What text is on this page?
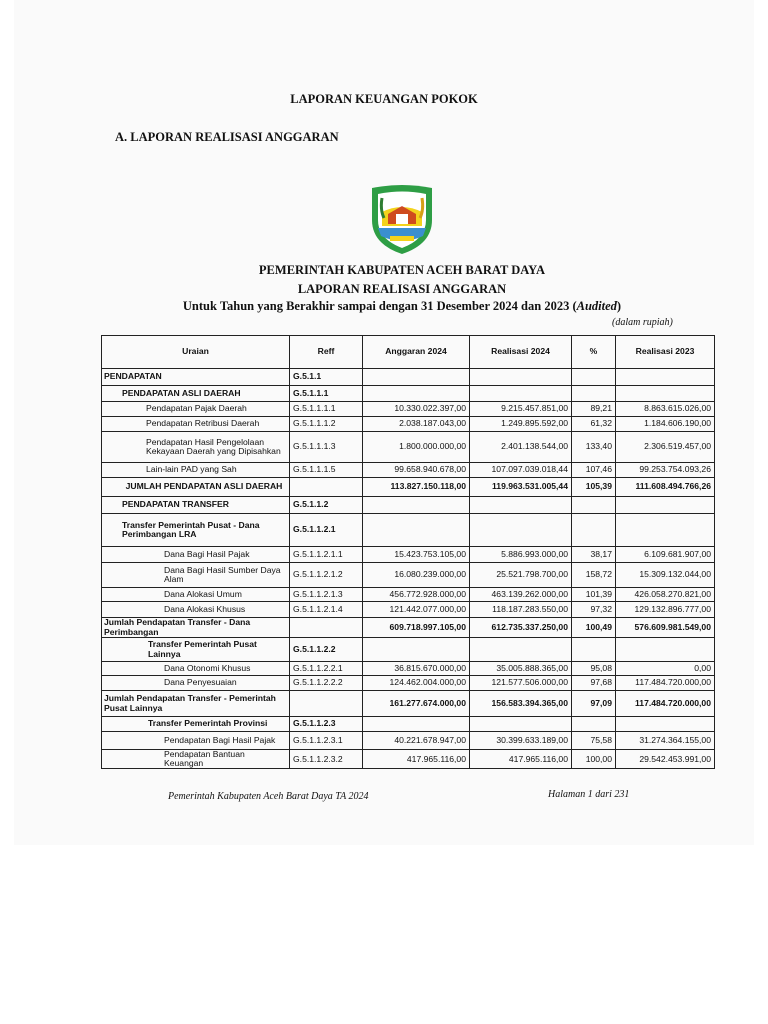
LAPORAN KEUANGAN POKOK
A. LAPORAN REALISASI ANGGARAN
PEMERINTAH KABUPATEN ACEH BARAT DAYA
LAPORAN REALISASI ANGGARAN
Untuk Tahun yang Berakhir sampai dengan 31 Desember 2024 dan 2023 (Audited)
(dalam rupiah)
Uraian	Reff	Anggaran 2024	Realisasi 2024	%	Realisasi 2023
PENDAPATAN	G.5.1.1				
PENDAPATAN ASLI DAERAH	G.5.1.1.1				
Pendapatan Pajak Daerah	G.5.1.1.1.1	10.330.022.397,00	9.215.457.851,00	89,21	8.863.615.026,00
Pendapatan Retribusi Daerah	G.5.1.1.1.2	2.038.187.043,00	1.249.895.592,00	61,32	1.184.606.190,00
Pendapatan Hasil Pengelolaan Kekayaan Daerah yang Dipisahkan	G.5.1.1.1.3	1.800.000.000,00	2.401.138.544,00	133,40	2.306.519.457,00
Lain-lain PAD yang Sah	G.5.1.1.1.5	99.658.940.678,00	107.097.039.018,44	107,46	99.253.754.093,26
JUMLAH PENDAPATAN ASLI DAERAH		113.827.150.118,00	119.963.531.005,44	105,39	111.608.494.766,26
PENDAPATAN TRANSFER	G.5.1.1.2				
Transfer Pemerintah Pusat - Dana Perimbangan LRA	G.5.1.1.2.1				
Dana Bagi Hasil Pajak	G.5.1.1.2.1.1	15.423.753.105,00	5.886.993.000,00	38,17	6.109.681.907,00
Dana Bagi Hasil Sumber Daya Alam	G.5.1.1.2.1.2	16.080.239.000,00	25.521.798.700,00	158,72	15.309.132.044,00
Dana Alokasi Umum	G.5.1.1.2.1.3	456.772.928.000,00	463.139.262.000,00	101,39	426.058.270.821,00
Dana Alokasi Khusus	G.5.1.1.2.1.4	121.442.077.000,00	118.187.283.550,00	97,32	129.132.896.777,00
Jumlah Pendapatan Transfer - Dana Perimbangan		609.718.997.105,00	612.735.337.250,00	100,49	576.609.981.549,00
Transfer Pemerintah Pusat Lainnya	G.5.1.1.2.2				
Dana Otonomi Khusus	G.5.1.1.2.2.1	36.815.670.000,00	35.005.888.365,00	95,08	0,00
Dana Penyesuaian	G.5.1.1.2.2.2	124.462.004.000,00	121.577.506.000,00	97,68	117.484.720.000,00
Jumlah Pendapatan Transfer - Pemerintah Pusat Lainnya		161.277.674.000,00	156.583.394.365,00	97,09	117.484.720.000,00
Transfer Pemerintah Provinsi	G.5.1.1.2.3				
Pendapatan Bagi Hasil Pajak	G.5.1.1.2.3.1	40.221.678.947,00	30.399.633.189,00	75,58	31.274.364.155,00
Pendapatan Bantuan Keuangan	G.5.1.1.2.3.2	417.965.116,00	417.965.116,00	100,00	29.542.453.991,00
Pemerintah Kabupaten Aceh Barat Daya TA 2024	Halaman 1 dari 231
